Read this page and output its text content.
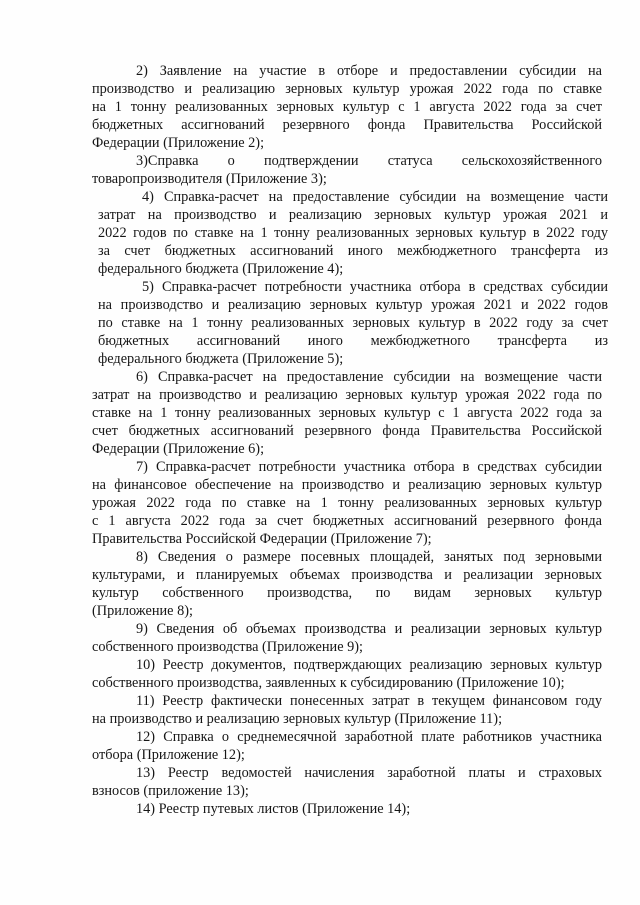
2) Заявление на участие в отборе и предоставлении субсидии на
производство и реализацию зерновых культур урожая 2022 года по ставке
на 1 тонну реализованных зерновых культур с 1 августа 2022 года за счет
бюджетных ассигнований резервного фонда Правительства Российской
Федерации (Приложение 2);
3)Справка о подтверждении статуса сельскохозяйственного
товаропроизводителя (Приложение 3);
4) Справка-расчет на предоставление субсидии на возмещение части
затрат на производство и реализацию зерновых культур урожая 2021 и
2022 годов по ставке на 1 тонну реализованных зерновых культур в 2022 году
за счет бюджетных ассигнований иного межбюджетного трансферта из
федерального бюджета (Приложение 4);
5) Справка-расчет потребности участника отбора в средствах субсидии
на производство и реализацию зерновых культур урожая 2021 и 2022 годов
по ставке на 1 тонну реализованных зерновых культур в 2022 году за счет
бюджетных ассигнований иного межбюджетного трансферта из
федерального бюджета (Приложение 5);
6) Справка-расчет на предоставление субсидии на возмещение части
затрат на производство и реализацию зерновых культур урожая 2022 года по
ставке на 1 тонну реализованных зерновых культур с 1 августа 2022 года за
счет бюджетных ассигнований резервного фонда Правительства Российской
Федерации (Приложение 6);
7) Справка-расчет потребности участника отбора в средствах субсидии
на финансовое обеспечение на производство и реализацию зерновых культур
урожая 2022 года по ставке на 1 тонну реализованных зерновых культур
с 1 августа 2022 года за счет бюджетных ассигнований резервного фонда
Правительства Российской Федерации (Приложение 7);
8) Сведения о размере посевных площадей, занятых под зерновыми
культурами, и планируемых объемах производства и реализации зерновых
культур собственного производства, по видам зерновых культур
(Приложение 8);
9) Сведения об объемах производства и реализации зерновых культур
собственного производства (Приложение 9);
10) Реестр документов, подтверждающих реализацию зерновых культур
собственного производства, заявленных к субсидированию (Приложение 10);
11) Реестр фактически понесенных затрат в текущем финансовом году
на производство и реализацию зерновых культур (Приложение 11);
12) Справка о среднемесячной заработной плате работников участника
отбора (Приложение 12);
13) Реестр ведомостей начисления заработной платы и страховых
взносов (приложение 13);
14) Реестр путевых листов (Приложение 14);
